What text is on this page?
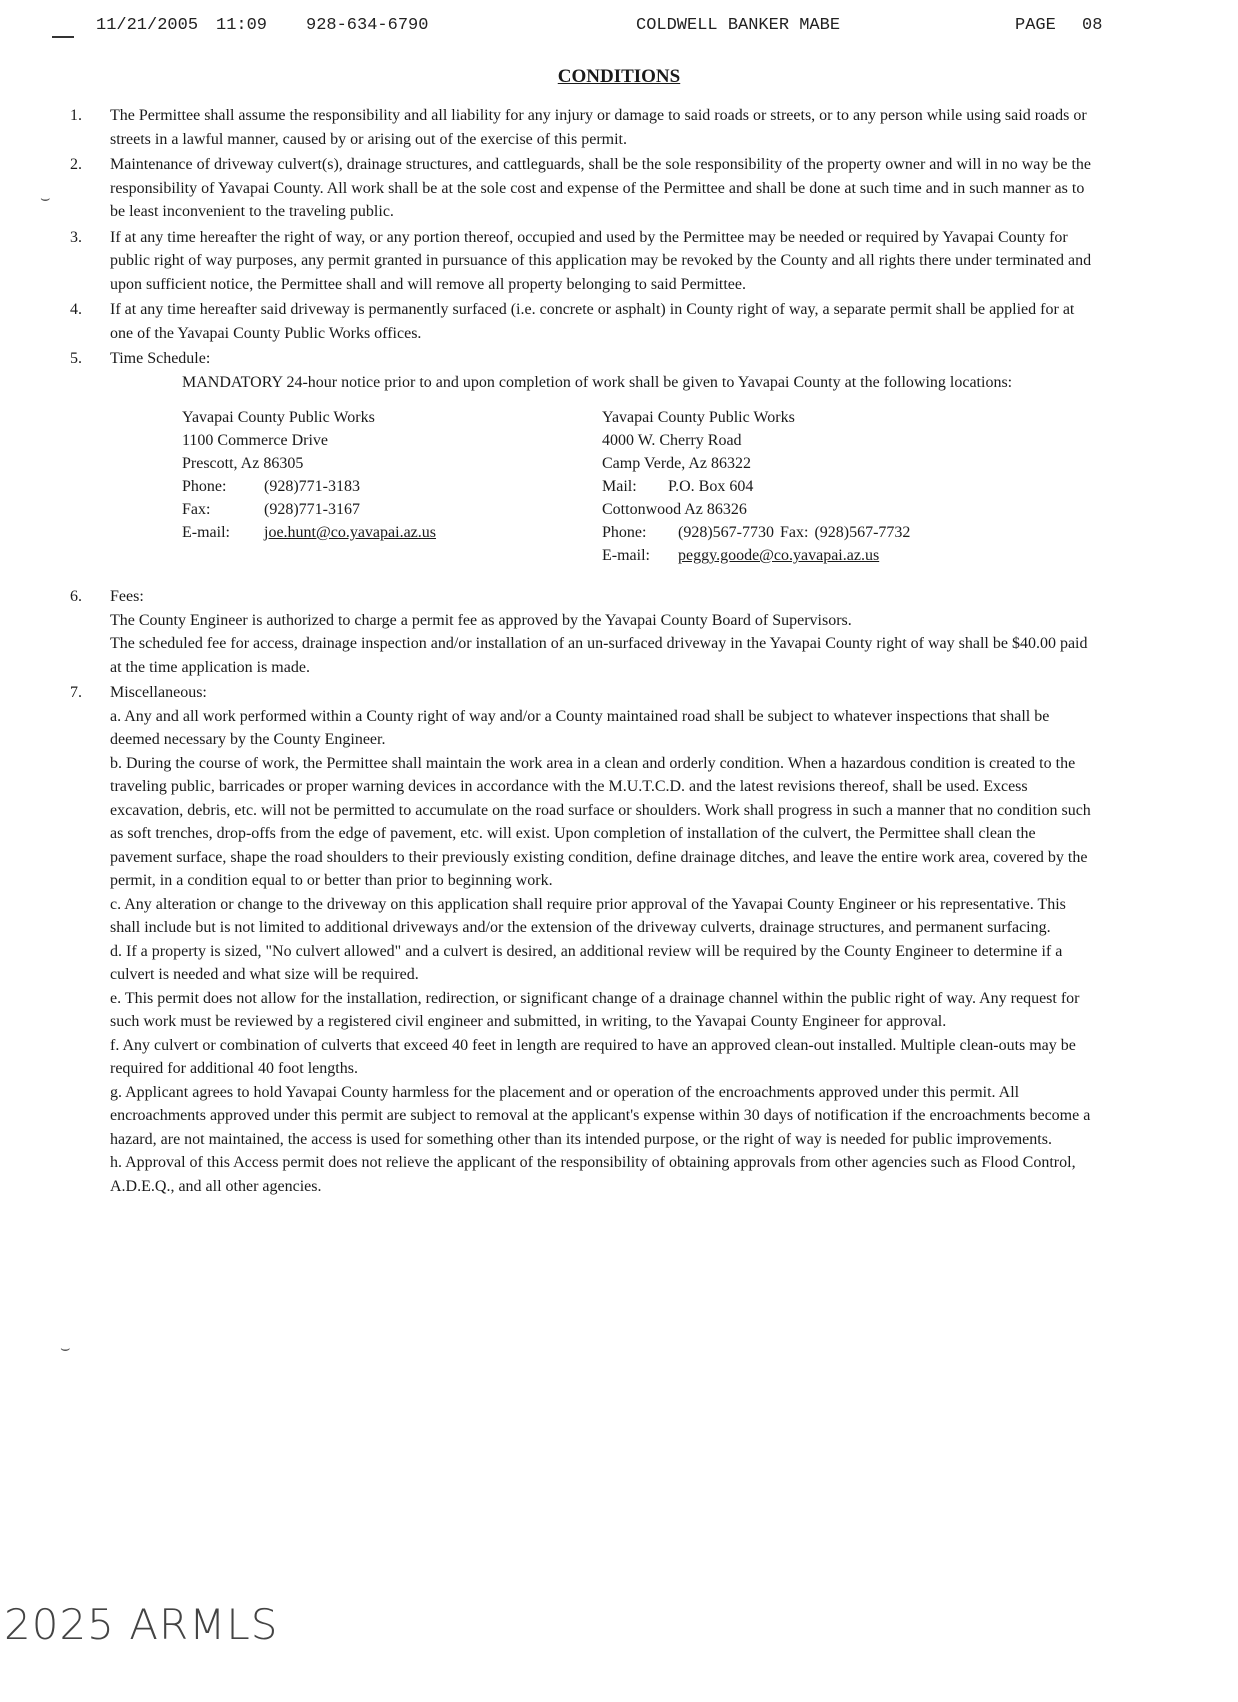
11/21/2005 11:09 928-634-6790	COLDWELL BANKER MABE	PAGE 08
CONDITIONS
1. The Permittee shall assume the responsibility and all liability for any injury or damage to said roads or streets, or to any person while using said roads or streets in a lawful manner, caused by or arising out of the exercise of this permit.
2. Maintenance of driveway culvert(s), drainage structures, and cattleguards, shall be the sole responsibility of the property owner and will in no way be the responsibility of Yavapai County. All work shall be at the sole cost and expense of the Permittee and shall be done at such time and in such manner as to be least inconvenient to the traveling public.
3. If at any time hereafter the right of way, or any portion thereof, occupied and used by the Permittee may be needed or required by Yavapai County for public right of way purposes, any permit granted in pursuance of this application may be revoked by the County and all rights there under terminated and upon sufficient notice, the Permittee shall and will remove all property belonging to said Permittee.
4. If at any time hereafter said driveway is permanently surfaced (i.e. concrete or asphalt) in County right of way, a separate permit shall be applied for at one of the Yavapai County Public Works offices.
5. Time Schedule:
MANDATORY 24-hour notice prior to and upon completion of work shall be given to Yavapai County at the following locations:
Yavapai County Public Works
1100 Commerce Drive
Prescott, Az 86305
Phone:	(928)771-3183
Fax:	(928)771-3167
E-mail:	joe.hunt@co.yavapai.az.us
Yavapai County Public Works
4000 W. Cherry Road
Camp Verde, Az 86322
Mail:	P.O. Box 604
Cottonwood Az 86326
Phone:	(928)567-7730 Fax: (928)567-7732
E-mail:	peggy.goode@co.yavapai.az.us
6. Fees:
The County Engineer is authorized to charge a permit fee as approved by the Yavapai County Board of Supervisors.
The scheduled fee for access, drainage inspection and/or installation of an un-surfaced driveway in the Yavapai County right of way shall be $40.00 paid at the time application is made.
7. Miscellaneous:

a. Any and all work performed within a County right of way and/or a County maintained road shall be subject to whatever inspections that shall be deemed necessary by the County Engineer.

b. During the course of work, the Permittee shall maintain the work area in a clean and orderly condition. When a hazardous condition is created to the traveling public, barricades or proper warning devices in accordance with the M.U.T.C.D. and the latest revisions thereof, shall be used. Excess excavation, debris, etc. will not be permitted to accumulate on the road surface or shoulders. Work shall progress in such a manner that no condition such as soft trenches, drop-offs from the edge of pavement, etc. will exist. Upon completion of installation of the culvert, the Permittee shall clean the pavement surface, shape the road shoulders to their previously existing condition, define drainage ditches, and leave the entire work area, covered by the permit, in a condition equal to or better than prior to beginning work.

c. Any alteration or change to the driveway on this application shall require prior approval of the Yavapai County Engineer or his representative. This shall include but is not limited to additional driveways and/or the extension of the driveway culverts, drainage structures, and permanent surfacing.

d. If a property is sized, "No culvert allowed" and a culvert is desired, an additional review will be required by the County Engineer to determine if a culvert is needed and what size will be required.

e. This permit does not allow for the installation, redirection, or significant change of a drainage channel within the public right of way. Any request for such work must be reviewed by a registered civil engineer and submitted, in writing, to the Yavapai County Engineer for approval.

f. Any culvert or combination of culverts that exceed 40 feet in length are required to have an approved clean-out installed. Multiple clean-outs may be required for additional 40 foot lengths.

g. Applicant agrees to hold Yavapai County harmless for the placement and or operation of the encroachments approved under this permit. All encroachments approved under this permit are subject to removal at the applicant's expense within 30 days of notification if the encroachments become a hazard, are not maintained, the access is used for something other than its intended purpose, or the right of way is needed for public improvements.

h. Approval of this Access permit does not relieve the applicant of the responsibility of obtaining approvals from other agencies such as Flood Control, A.D.E.Q., and all other agencies.

⌣
⌣
2025 ARMLS
